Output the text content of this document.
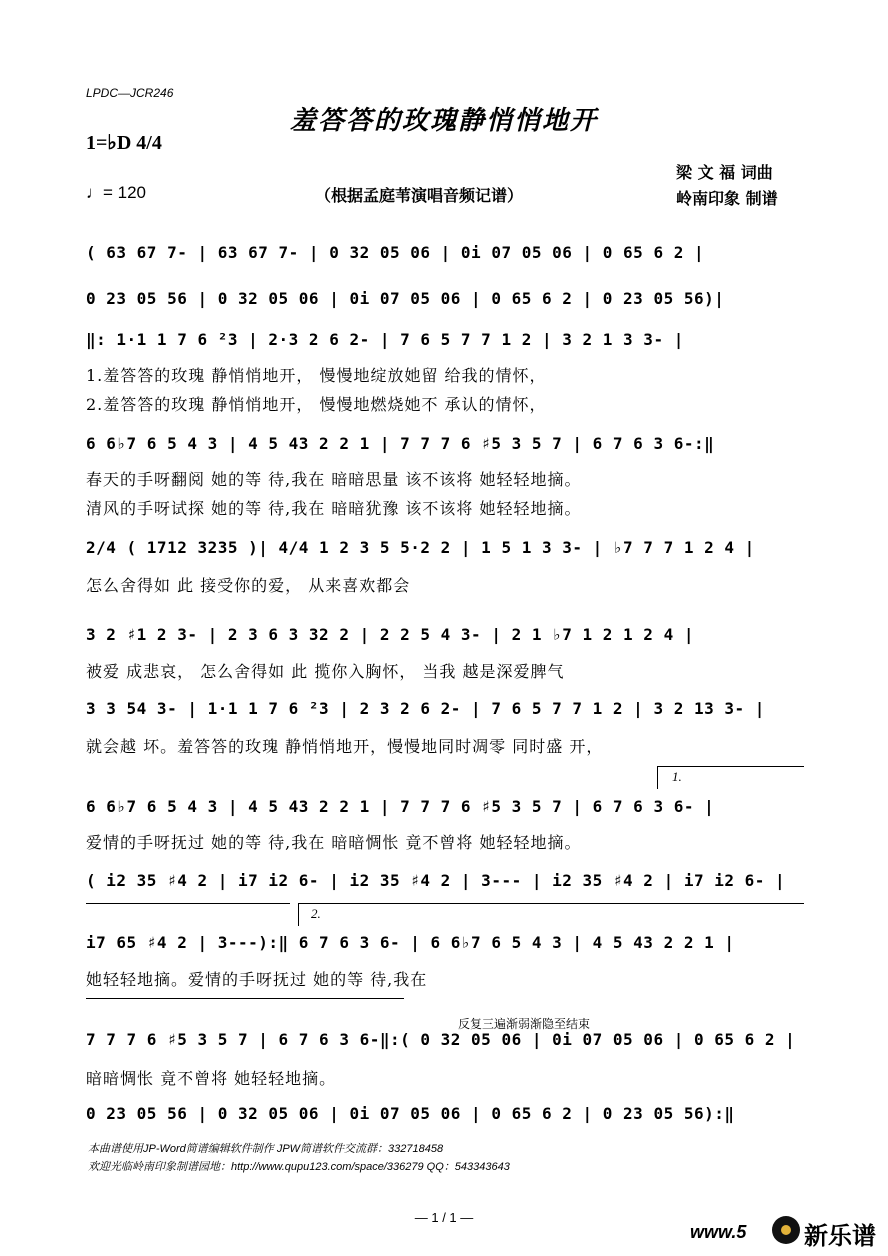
LPDC—JCR246
羞答答的玫瑰静悄悄地开
1=♭D 4/4
♩= 120	（根据孟庭苇演唱音频记谱）
梁 文 福 词曲
岭南印象 制谱
( 63 67 7- | 63 67 7- | 0 32 05 06 | 0i 07 05 06 | 0 65 6 2 |
0 23 05 56 | 0 32 05 06 | 0i 07 05 06 | 0 65 6 2 | 0 23 05 56)|
‖: 1·1 1 7 6 ²3 | 2·3 2 6 2- | 7 6 5 7 7 1 2 | 3 2 1 3 3- |
1.羞答答的玫瑰 静悄悄地开， 慢慢地绽放她留 给我的情怀，
2.羞答答的玫瑰 静悄悄地开， 慢慢地燃烧她不 承认的情怀，
6 6♭7 6 5 4 3 | 4 5 43 2 2 1 | 7 7 7 6 ♯5 3 5 7 | 6 7 6 3 6-:‖
春天的手呀翻阅 她的等 待,我在 暗暗思量 该不该将 她轻轻地摘。
清风的手呀试探 她的等 待,我在 暗暗犹豫 该不该将 她轻轻地摘。
2/4 ( 1712 3235 )| 4/4 1 2 3 5 5·2 2 | 1 5 1 3 3- | ♭7 7 7 1 2 4 |
怎么舍得如 此 接受你的爱， 从来喜欢都会
3 2 ♯1 2 3- | 2 3 6 3 32 2 | 2 2 5 4 3- | 2 1 ♭7 1 2 1 2 4 |
被爱 成悲哀， 怎么舍得如 此 揽你入胸怀， 当我 越是深爱脾气
3 3 54 3- | 1·1 1 7 6 ²3 | 2 3 2 6 2- | 7 6 5 7 7 1 2 | 3 2 13 3- |
就会越 坏。羞答答的玫瑰 静悄悄地开，慢慢地同时凋零 同时盛 开，
1.
6 6♭7 6 5 4 3 | 4 5 43 2 2 1 | 7 7 7 6 ♯5 3 5 7 | 6 7 6 3 6- |
爱情的手呀抚过 她的等 待,我在 暗暗惆怅 竟不曾将 她轻轻地摘。
( i2 35 ♯4 2 | i7 i2 6- | i2 35 ♯4 2 | 3--- | i2 35 ♯4 2 | i7 i2 6- |
2.
i7 65 ♯4 2 | 3---):‖ 6 7 6 3 6- | 6 6♭7 6 5 4 3 | 4 5 43 2 2 1 |
她轻轻地摘。爱情的手呀抚过 她的等 待,我在
反复三遍渐弱渐隐至结束
7 7 7 6 ♯5 3 5 7 | 6 7 6 3 6-‖:( 0 32 05 06 | 0i 07 05 06 | 0 65 6 2 |
暗暗惆怅 竟不曾将 她轻轻地摘。
0 23 05 56 | 0 32 05 06 | 0i 07 05 06 | 0 65 6 2 | 0 23 05 56):‖
本曲谱使用JP-Word简谱编辑软件制作 JPW简谱软件交流群：332718458
欢迎光临岭南印象制谱园地：http://www.qupu123.com/space/336279 QQ：543343643
— 1 / 1 —
www.5 新乐谱
